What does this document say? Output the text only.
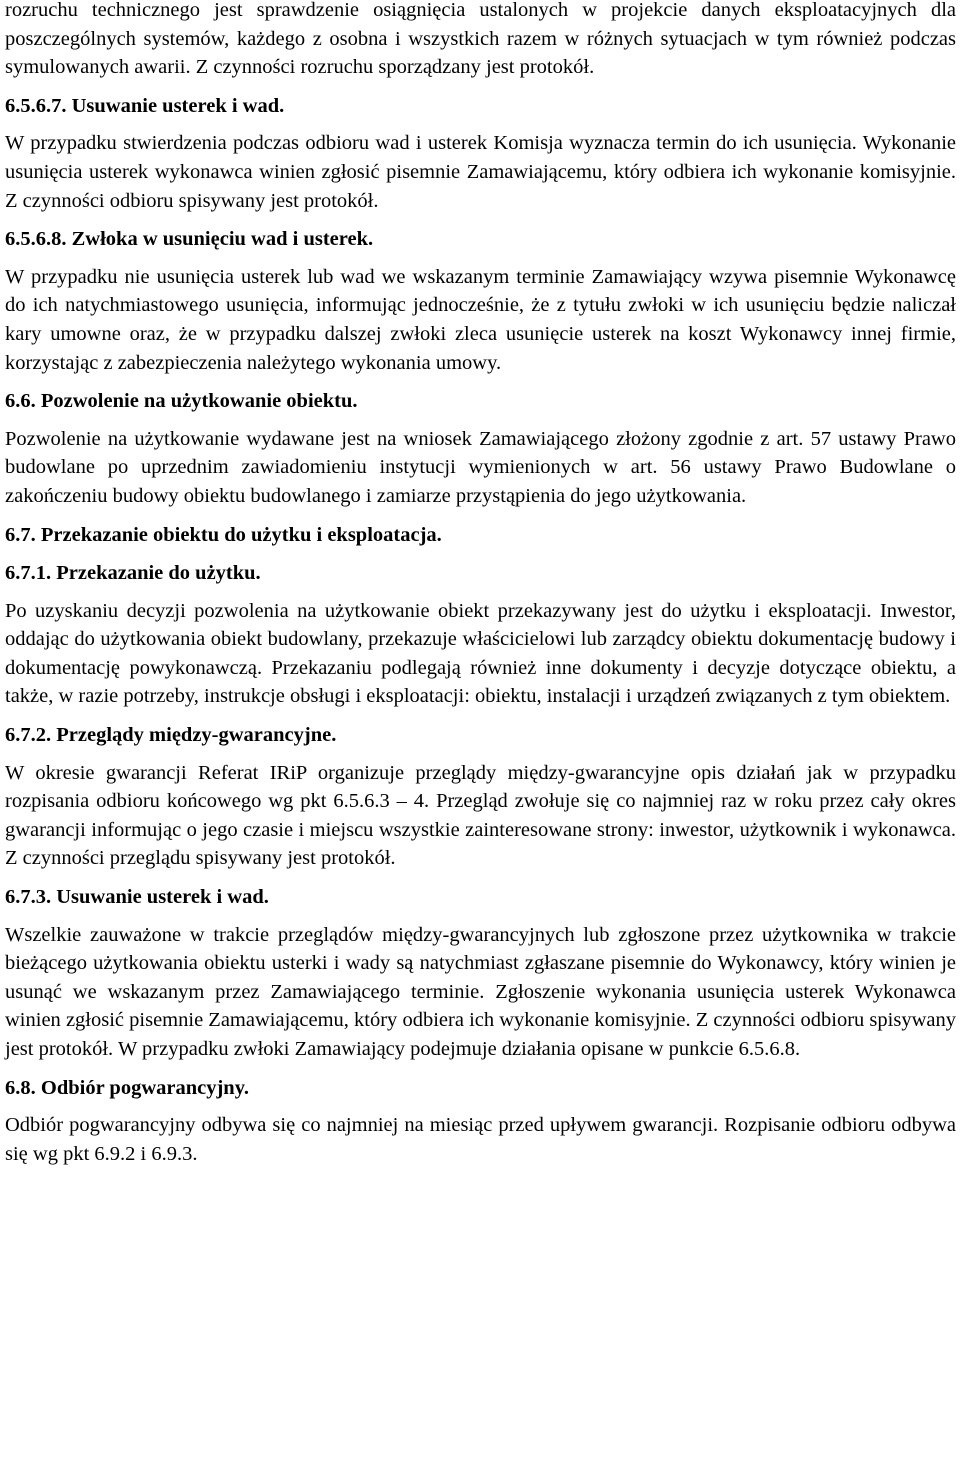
rozruchu technicznego jest sprawdzenie osiągnięcia ustalonych w projekcie danych eksploatacyjnych dla poszczególnych systemów, każdego z osobna i wszystkich razem w różnych sytuacjach w tym również podczas symulowanych awarii. Z czynności rozruchu sporządzany jest protokół.

6.5.6.7. Usuwanie usterek i wad.

W przypadku stwierdzenia podczas odbioru wad i usterek Komisja wyznacza termin do ich usunięcia. Wykonanie usunięcia usterek wykonawca winien zgłosić pisemnie Zamawiającemu, który odbiera ich wykonanie komisyjnie. Z czynności odbioru spisywany jest protokół.

6.5.6.8. Zwłoka w usunięciu wad i usterek.

W przypadku nie usunięcia usterek lub wad we wskazanym terminie Zamawiający wzywa pisemnie Wykonawcę do ich natychmiastowego usunięcia, informując jednocześnie, że z tytułu zwłoki w ich usunięciu będzie naliczał kary umowne oraz, że w przypadku dalszej zwłoki zleca usunięcie usterek na koszt Wykonawcy innej firmie, korzystając z zabezpieczenia należytego wykonania umowy.

6.6. Pozwolenie na użytkowanie obiektu.

Pozwolenie na użytkowanie wydawane jest na wniosek Zamawiającego złożony zgodnie z art. 57 ustawy Prawo budowlane po uprzednim zawiadomieniu instytucji wymienionych w art. 56 ustawy Prawo Budowlane o zakończeniu budowy obiektu budowlanego i zamiarze przystąpienia do jego użytkowania.

6.7. Przekazanie obiektu do użytku i eksploatacja.
6.7.1. Przekazanie do użytku.

Po uzyskaniu decyzji pozwolenia na użytkowanie obiekt przekazywany jest do użytku i eksploatacji. Inwestor, oddając do użytkowania obiekt budowlany, przekazuje właścicielowi lub zarządcy obiektu dokumentację budowy i dokumentację powykonawczą. Przekazaniu podlegają również inne dokumenty i decyzje dotyczące obiektu, a także, w razie potrzeby, instrukcje obsługi i eksploatacji: obiektu, instalacji i urządzeń związanych z tym obiektem.

6.7.2. Przeglądy między-gwarancyjne.

W okresie gwarancji Referat IRiP organizuje przeglądy między-gwarancyjne opis działań jak w przypadku rozpisania odbioru końcowego wg pkt 6.5.6.3 – 4. Przegląd zwołuje się co najmniej raz w roku przez cały okres gwarancji informując o jego czasie i miejscu wszystkie zainteresowane strony: inwestor, użytkownik i wykonawca. Z czynności przeglądu spisywany jest protokół.

6.7.3. Usuwanie usterek i wad.

Wszelkie zauważone w trakcie przeglądów między-gwarancyjnych lub zgłoszone przez użytkownika w trakcie bieżącego użytkowania obiektu usterki i wady są natychmiast zgłaszane pisemnie do Wykonawcy, który winien je usunąć we wskazanym przez Zamawiającego terminie. Zgłoszenie wykonania usunięcia usterek Wykonawca winien zgłosić pisemnie Zamawiającemu, który odbiera ich wykonanie komisyjnie. Z czynności odbioru spisywany jest protokół. W przypadku zwłoki Zamawiający podejmuje działania opisane w punkcie 6.5.6.8.

6.8. Odbiór pogwarancyjny.

Odbiór pogwarancyjny odbywa się co najmniej na miesiąc przed upływem gwarancji. Rozpisanie odbioru odbywa się wg pkt 6.9.2 i 6.9.3.
